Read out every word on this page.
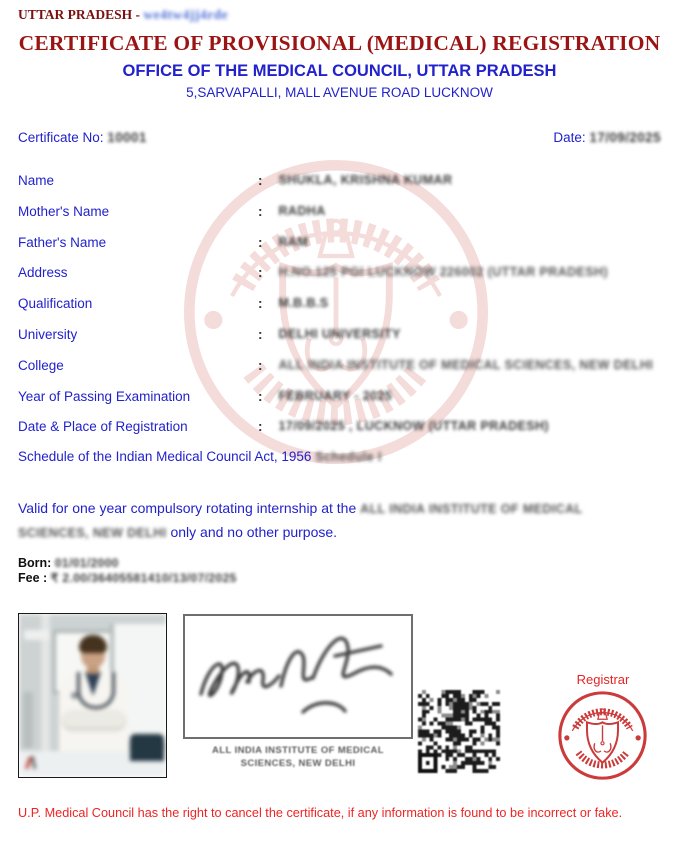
UTTAR PRADESH - we4tw4jj4rde
CERTIFICATE OF PROVISIONAL (MEDICAL) REGISTRATION
OFFICE OF THE MEDICAL COUNCIL, UTTAR PRADESH
5,SARVAPALLI, MALL AVENUE ROAD LUCKNOW
Certificate No: 10001	Date: 17/09/2025
Name	: SHUKLA, KRISHNA KUMAR
Mother's Name	: RADHA
Father's Name	: RAM
Address	: H.NO.125 PGI LUCKNOW 226002 (UTTAR PRADESH)
Qualification	: M.B.B.S
University	: DELHI UNIVERSITY
College	: ALL INDIA INSTITUTE OF MEDICAL SCIENCES, NEW DELHI
Year of Passing Examination	: FEBRUARY - 2025
Date & Place of Registration	: 17/09/2025 , LUCKNOW (UTTAR PRADESH)
Schedule of the Indian Medical Council Act, 1956 Schedule I
Valid for one year compulsory rotating internship at the ALL INDIA INSTITUTE OF MEDICAL
SCIENCES, NEW DELHI only and no other purpose.
Born: 01/01/2000
Fee : ₹ 2.00/36405581410/13/07/2025
ALL INDIA INSTITUTE OF MEDICAL
SCIENCES, NEW DELHI
Registrar
U.P. Medical Council has the right to cancel the certificate, if any information is found to be incorrect or fake.
